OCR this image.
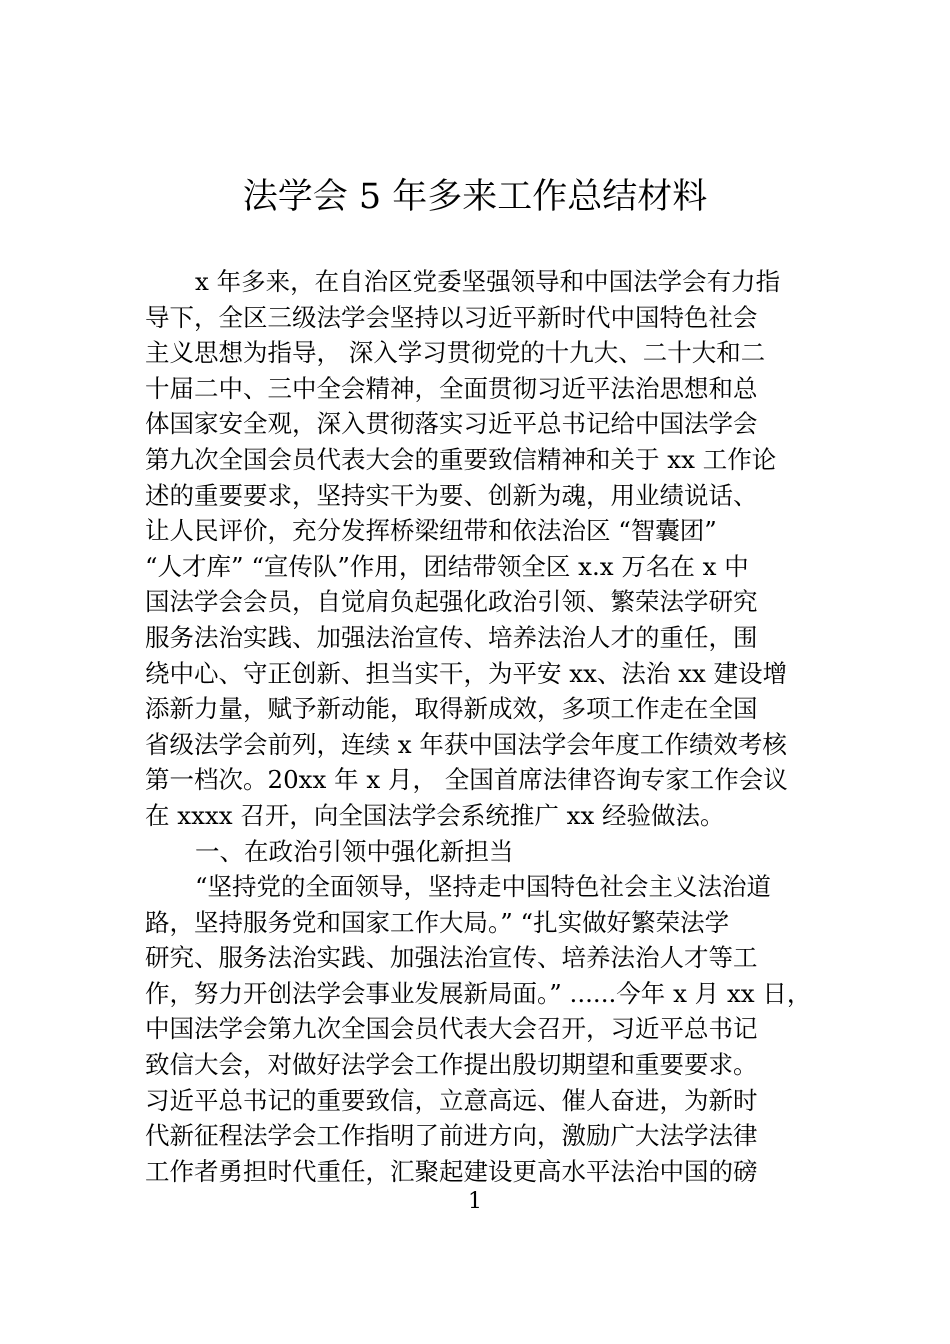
法学会 5 年多来工作总结材料
x 年多来，在自治区党委坚强领导和中国法学会有力指
导下，全区三级法学会坚持以习近平新时代中国特色社会
主义思想为指导， 深入学习贯彻党的十九大、二十大和二
十届二中、三中全会精神，全面贯彻习近平法治思想和总
体国家安全观，深入贯彻落实习近平总书记给中国法学会
第九次全国会员代表大会的重要致信精神和关于 xx 工作论
述的重要要求，坚持实干为要、创新为魂，用业绩说话、
让人民评价，充分发挥桥梁纽带和依法治区 “智囊团”
“人才库” “宣传队”作用，团结带领全区 x.x 万名在 x 中
国法学会会员，自觉肩负起强化政治引领、繁荣法学研究
服务法治实践、加强法治宣传、培养法治人才的重任，围
绕中心、守正创新、担当实干，为平安 xx、法治 xx 建设增
添新力量，赋予新动能，取得新成效，多项工作走在全国
省级法学会前列，连续 x 年获中国法学会年度工作绩效考核
第一档次。20xx 年 x 月， 全国首席法律咨询专家工作会议
在 xxxx 召开，向全国法学会系统推广 xx 经验做法。
一、在政治引领中强化新担当
“坚持党的全面领导，坚持走中国特色社会主义法治道
路，坚持服务党和国家工作大局。” “扎实做好繁荣法学
研究、服务法治实践、加强法治宣传、培养法治人才等工
作，努力开创法学会事业发展新局面。” ......今年 x 月 xx 日，
中国法学会第九次全国会员代表大会召开，习近平总书记
致信大会，对做好法学会工作提出殷切期望和重要要求。
习近平总书记的重要致信，立意高远、催人奋进，为新时
代新征程法学会工作指明了前进方向，激励广大法学法律
工作者勇担时代重任，汇聚起建设更高水平法治中国的磅
1
